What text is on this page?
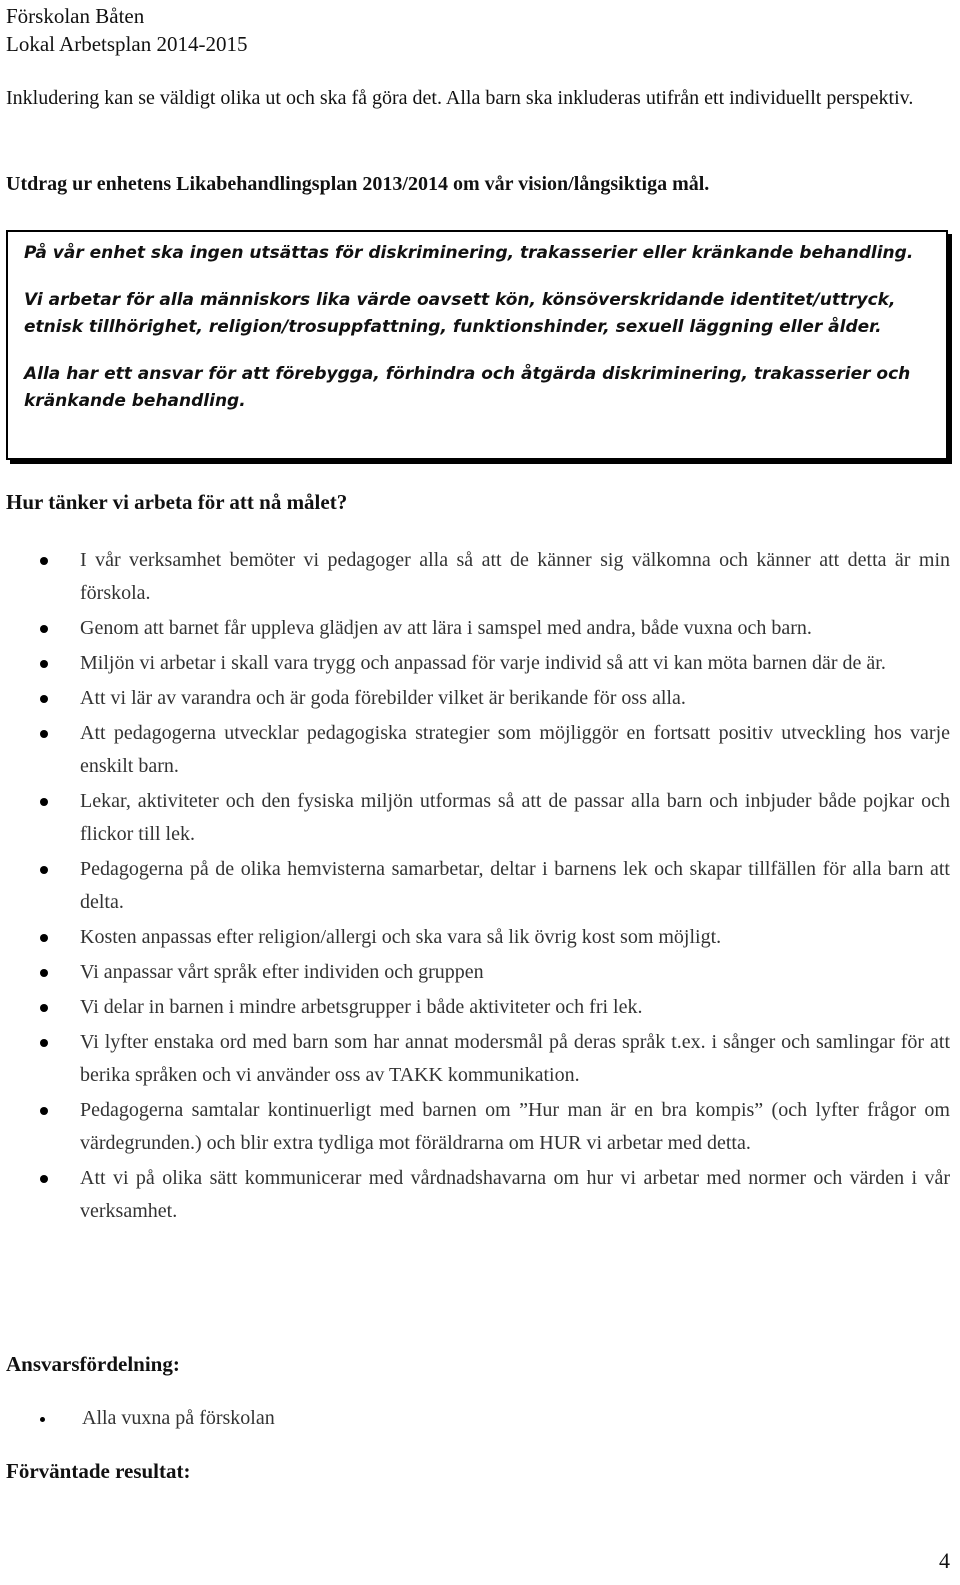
Förskolan Båten
Lokal Arbetsplan 2014-2015

Inkludering kan se väldigt olika ut och ska få göra det. Alla barn ska inkluderas utifrån ett individuellt perspektiv.

Utdrag ur enhetens Likabehandlingsplan 2013/2014 om vår vision/långsiktiga mål.

På vår enhet ska ingen utsättas för diskriminering, trakasserier eller kränkande behandling.

Vi arbetar för alla människors lika värde oavsett kön, könsöverskridande identitet/uttryck, etnisk tillhörighet, religion/trosuppfattning, funktionshinder, sexuell läggning eller ålder.

Alla har ett ansvar för att förebygga, förhindra och åtgärda diskriminering, trakasserier och kränkande behandling.

Hur tänker vi arbeta för att nå målet?

I vår verksamhet bemöter vi pedagoger alla så att de känner sig välkomna och känner att detta är min förskola.
Genom att barnet får uppleva glädjen av att lära i samspel med andra, både vuxna och barn.
Miljön vi arbetar i skall vara trygg och anpassad för varje individ så att vi kan möta barnen där de är.
Att vi lär av varandra och är goda förebilder vilket är berikande för oss alla.
Att pedagogerna utvecklar pedagogiska strategier som möjliggör en fortsatt positiv utveckling hos varje enskilt barn.
Lekar, aktiviteter och den fysiska miljön utformas så att de passar alla barn och inbjuder både pojkar och flickor till lek.
Pedagogerna på de olika hemvisterna samarbetar, deltar i barnens lek och skapar tillfällen för alla barn att delta.
Kosten anpassas efter religion/allergi och ska vara så lik övrig kost som möjligt.
Vi anpassar vårt språk efter individen och gruppen
Vi delar in barnen i mindre arbetsgrupper i både aktiviteter och fri lek.
Vi lyfter enstaka ord med barn som har annat modersmål på deras språk t.ex. i sånger och samlingar för att berika språken och vi använder oss av TAKK kommunikation.
Pedagogerna samtalar kontinuerligt med barnen om ”Hur man är en bra kompis” (och lyfter frågor om värdegrunden.) och blir extra tydliga mot föräldrarna om HUR vi arbetar med detta.
Att vi på olika sätt kommunicerar med vårdnadshavarna om hur vi arbetar med normer och värden i vår verksamhet.

Ansvarsfördelning:

Alla vuxna på förskolan

Förväntade resultat:

4
